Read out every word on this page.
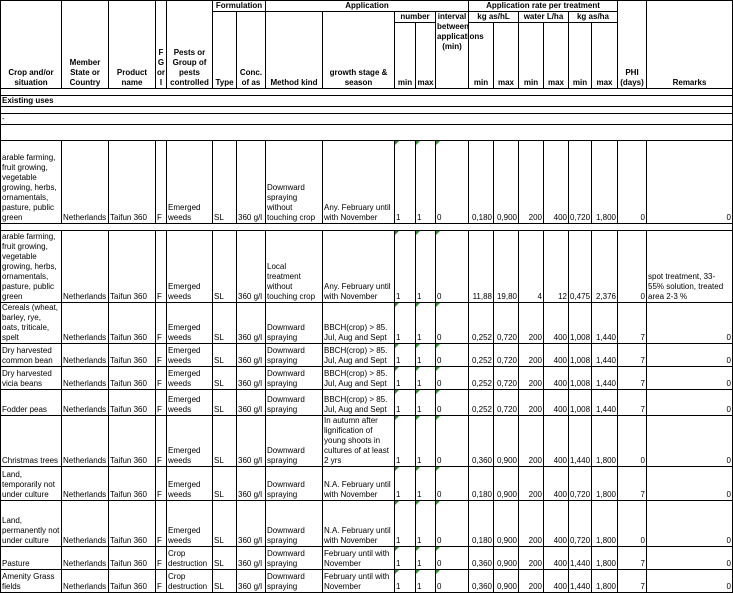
Crop and/or situation	Member State or Country	Product name	F G or I	Pests or Group of pests controlled	Formulation		Application					Application rate per treatment						PHI (days)	Remarks
					Type	Conc. of as	Method kind	growth stage & season	number		interval between applications (min)	kg as/hL		water L/ha		kg as/ha			
									min	max		min	max	min	max	min	max		

Existing uses																			

-																			

arable farming, fruit growing, vegetable growing, herbs, ornamentals, pasture, public green	Netherlands	Taifun 360	F	Emerged weeds	SL	360 g/l	Downward spraying without touching crop	Any. February until with November	1	1	0	0,180	0,900	200	400	0,720	1,800	0	0

arable farming, fruit growing, vegetable growing, herbs, ornamentals, pasture, public green	Netherlands	Taifun 360	F	Emerged weeds	SL	360 g/l	Local treatment without touching crop	Any. February until with November	1	1	0	11,88	19,80	4	12	0,475	2,376	0	spot treatment, 33-55% solution, treated area 2-3 %
Cereals (wheat, barley, rye, oats, triticale, spelt	Netherlands	Taifun 360	F	Emerged weeds	SL	360 g/l	Downward spraying	BBCH(crop) > 85. Jul, Aug and Sept	1	1	0	0,252	0,720	200	400	1,008	1,440	7	0
Dry harvested common bean	Netherlands	Taifun 360	F	Emerged weeds	SL	360 g/l	Downward spraying	BBCH(crop) > 85. Jul, Aug and Sept	1	1	0	0,252	0,720	200	400	1,008	1,440	7	0
Dry harvested vicia beans	Netherlands	Taifun 360	F	Emerged weeds	SL	360 g/l	Downward spraying	BBCH(crop) > 85. Jul, Aug and Sept	1	1	0	0,252	0,720	200	400	1,008	1,440	7	0
Fodder peas	Netherlands	Taifun 360	F	Emerged weeds	SL	360 g/l	Downward spraying	BBCH(crop) > 85. Jul, Aug and Sept	1	1	0	0,252	0,720	200	400	1,008	1,440	7	0
Christmas trees	Netherlands	Taifun 360	F	Emerged weeds	SL	360 g/l	Downward spraying	In autumn after lignification of young shoots in cultures of at least 2 yrs	1	1	0	0,360	0,900	200	400	1,440	1,800	0	0
Land, temporarily not under culture	Netherlands	Taifun 360	F	Emerged weeds	SL	360 g/l	Downward spraying	N.A. February until with November	1	1	0	0,180	0,900	200	400	0,720	1,800	7	0
Land, permanently not under culture	Netherlands	Taifun 360	F	Emerged weeds	SL	360 g/l	Downward spraying	N.A. February until with November	1	1	0	0,180	0,900	200	400	0,720	1,800	0	0
Pasture	Netherlands	Taifun 360	F	Crop destruction	SL	360 g/l	Downward spraying	February until with November	1	1	0	0,360	0,900	200	400	1,440	1,800	7	0
Amenity Grass fields	Netherlands	Taifun 360	F	Crop destruction	SL	360 g/l	Downward spraying	February until with November	1	1	0	0,360	0,900	200	400	1,440	1,800	7	0
